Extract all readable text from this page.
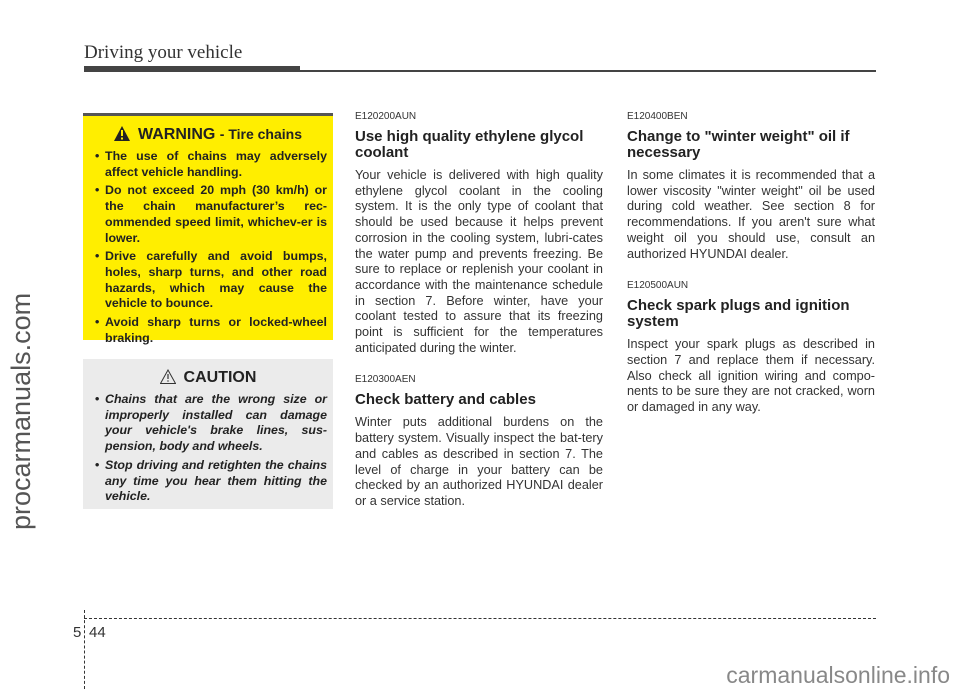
Driving your vehicle
procarmanuals.com
WARNING - Tire chains
• The use of chains may adversely affect vehicle handling.
• Do not exceed 20 mph (30 km/h) or the chain manufacturer’s rec-ommended speed limit, whichev-er is lower.
• Drive carefully and avoid bumps, holes, sharp turns, and other road hazards, which may cause the vehicle to bounce.
• Avoid sharp turns or locked-wheel braking.
CAUTION
• Chains that are the wrong size or improperly installed can damage your vehicle's brake lines, sus-pension, body and wheels.
• Stop driving and retighten the chains any time you hear them hitting the vehicle.
E120200AUN
Use high quality ethylene glycol coolant
Your vehicle is delivered with high quality ethylene glycol coolant in the cooling system. It is the only type of coolant that should be used because it helps prevent corrosion in the cooling system, lubri-cates the water pump and prevents freezing. Be sure to replace or replenish your coolant in accordance with the maintenance schedule in section 7. Before winter, have your coolant tested to assure that its freezing point is sufficient for the temperatures anticipated during the winter.
E120300AEN
Check battery and cables
Winter puts additional burdens on the battery system. Visually inspect the bat-tery and cables as described in section 7. The level of charge in your battery can be checked by an authorized HYUNDAI dealer or a service station.
E120400BEN
Change to "winter weight" oil if necessary
In some climates it is recommended that a lower viscosity "winter weight" oil be used during cold weather. See section 8 for recommendations. If you aren't sure what weight oil you should use, consult an authorized HYUNDAI dealer.
E120500AUN
Check spark plugs and ignition system
Inspect your spark plugs as described in section 7 and replace them if necessary. Also check all ignition wiring and compo-nents to be sure they are not cracked, worn or damaged in any way.
5 44
carmanualsonline.info
